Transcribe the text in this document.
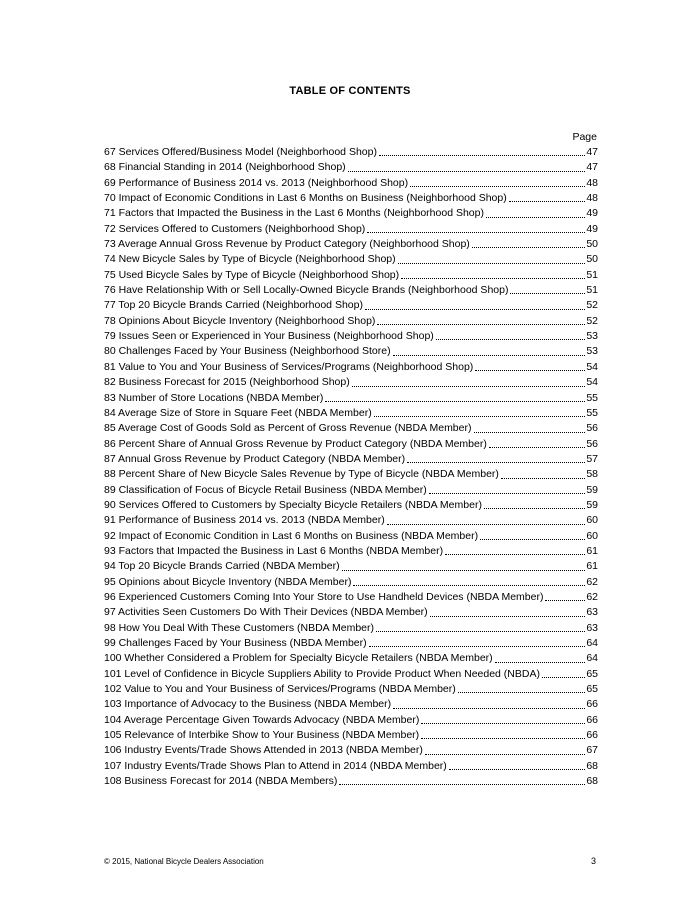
TABLE OF CONTENTS
Page
67 Services Offered/Business Model (Neighborhood Shop)	47
68 Financial Standing in 2014 (Neighborhood Shop)	47
69 Performance of Business 2014 vs. 2013 (Neighborhood Shop)	48
70 Impact of Economic Conditions in Last 6 Months on Business (Neighborhood Shop)	48
71 Factors that Impacted the Business in the Last 6 Months (Neighborhood Shop)	49
72 Services Offered to Customers (Neighborhood Shop)	49
73 Average Annual Gross Revenue by Product Category (Neighborhood Shop)	50
74 New Bicycle Sales by Type of Bicycle (Neighborhood Shop)	50
75 Used Bicycle Sales by Type of Bicycle (Neighborhood Shop)	51
76 Have Relationship With or Sell Locally-Owned Bicycle Brands (Neighborhood Shop)	51
77 Top 20 Bicycle Brands Carried (Neighborhood Shop)	52
78 Opinions About Bicycle Inventory (Neighborhood Shop)	52
79 Issues Seen or Experienced in Your Business (Neighborhood Shop)	53
80 Challenges Faced by Your Business (Neighborhood Store)	53
81 Value to You and Your Business of Services/Programs (Neighborhood Shop)	54
82 Business Forecast for 2015 (Neighborhood Shop)	54
83 Number of Store Locations (NBDA Member)	55
84 Average Size of Store in Square Feet (NBDA Member)	55
85 Average Cost of Goods Sold as Percent of Gross Revenue (NBDA Member)	56
86 Percent Share of Annual Gross Revenue by Product Category (NBDA Member)	56
87 Annual Gross Revenue by Product Category (NBDA Member)	57
88 Percent Share of New Bicycle Sales Revenue by Type of Bicycle (NBDA Member)	58
89 Classification of Focus of Bicycle Retail Business (NBDA Member)	59
90 Services Offered to Customers by Specialty Bicycle Retailers (NBDA Member)	59
91 Performance of Business 2014 vs. 2013 (NBDA Member)	60
92 Impact of Economic Condition in Last 6 Months on Business (NBDA Member)	60
93 Factors that Impacted the Business in Last 6 Months (NBDA Member)	61
94 Top 20 Bicycle Brands Carried (NBDA Member)	61
95 Opinions about Bicycle Inventory (NBDA Member)	62
96 Experienced Customers Coming Into Your Store to Use Handheld Devices (NBDA Member)	62
97 Activities Seen Customers Do With Their Devices (NBDA Member)	63
98 How You Deal With These Customers (NBDA Member)	63
99 Challenges Faced by Your Business (NBDA Member)	64
100 Whether Considered a Problem for Specialty Bicycle Retailers (NBDA Member)	64
101 Level of Confidence in Bicycle Suppliers Ability to Provide Product When Needed (NBDA)	65
102 Value to You and Your Business of Services/Programs (NBDA Member)	65
103 Importance of Advocacy to the Business (NBDA Member)	66
104 Average Percentage Given Towards Advocacy (NBDA Member)	66
105 Relevance of Interbike Show to Your Business (NBDA Member)	66
106 Industry Events/Trade Shows Attended in 2013 (NBDA Member)	67
107 Industry Events/Trade Shows Plan to Attend in 2014 (NBDA Member)	68
108 Business Forecast for 2014 (NBDA Members)	68
© 2015, National Bicycle Dealers Association	3
